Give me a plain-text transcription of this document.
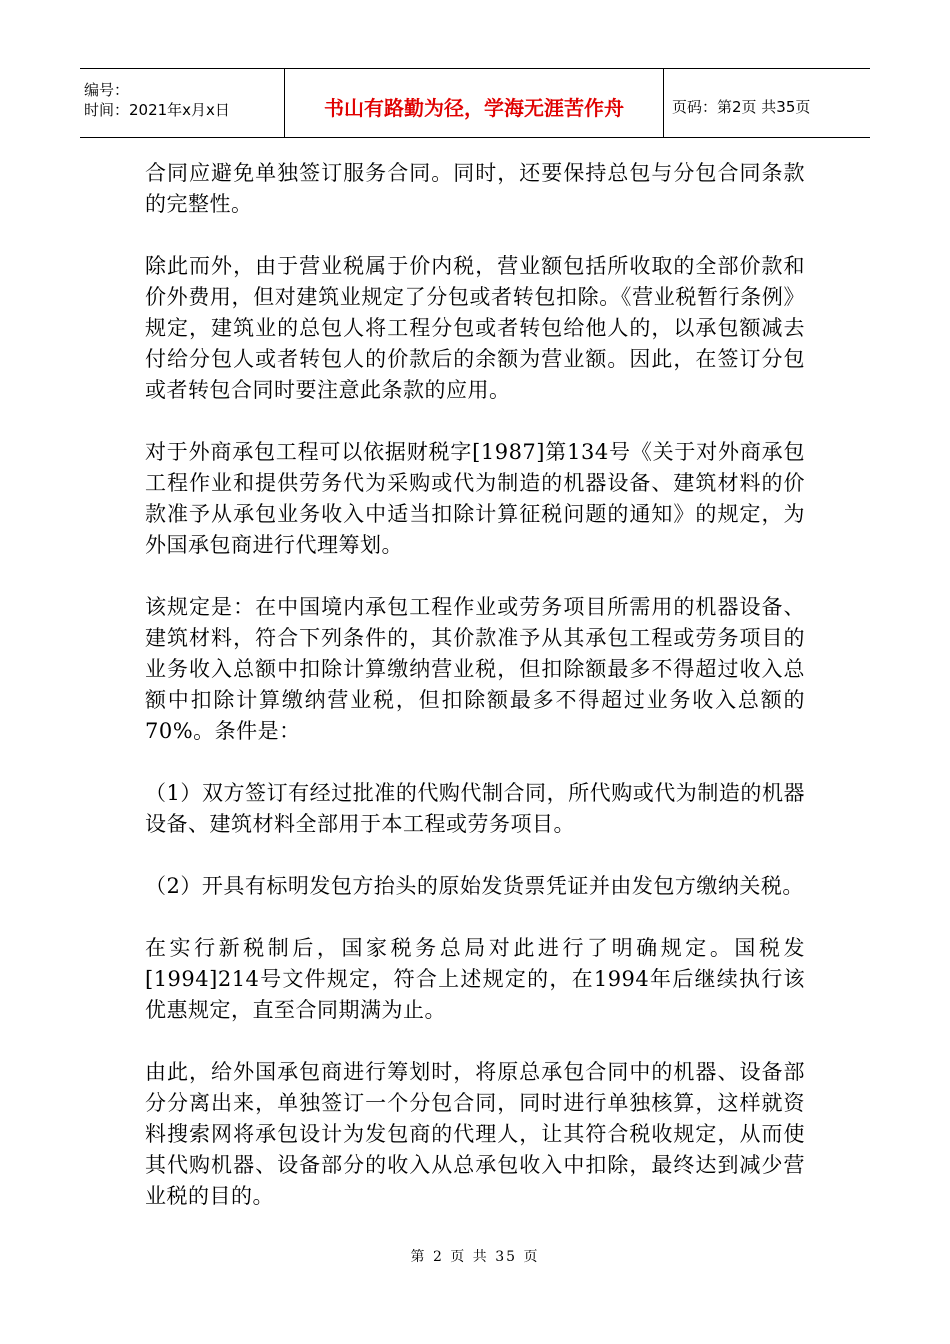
编号：
时间：2021年x月x日	书山有路勤为径，学海无涯苦作舟	页码：第2页 共35页

合同应避免单独签订服务合同。同时，还要保持总包与分包合同条款的完整性。

除此而外，由于营业税属于价内税，营业额包括所收取的全部价款和价外费用，但对建筑业规定了分包或者转包扣除。《营业税暂行条例》规定，建筑业的总包人将工程分包或者转包给他人的，以承包额减去付给分包人或者转包人的价款后的余额为营业额。因此，在签订分包或者转包合同时要注意此条款的应用。

对于外商承包工程可以依据财税字[1987]第134号《关于对外商承包工程作业和提供劳务代为采购或代为制造的机器设备、建筑材料的价款准予从承包业务收入中适当扣除计算征税问题的通知》的规定，为外国承包商进行代理筹划。

该规定是：在中国境内承包工程作业或劳务项目所需用的机器设备、建筑材料，符合下列条件的，其价款准予从其承包工程或劳务项目的业务收入总额中扣除计算缴纳营业税，但扣除额最多不得超过收入总额中扣除计算缴纳营业税，但扣除额最多不得超过业务收入总额的70%。条件是：

（1）双方签订有经过批准的代购代制合同，所代购或代为制造的机器设备、建筑材料全部用于本工程或劳务项目。

（2）开具有标明发包方抬头的原始发货票凭证并由发包方缴纳关税。

在实行新税制后，国家税务总局对此进行了明确规定。国税发[1994]214号文件规定，符合上述规定的，在1994年后继续执行该优惠规定，直至合同期满为止。

由此，给外国承包商进行筹划时，将原总承包合同中的机器、设备部分分离出来，单独签订一个分包合同，同时进行单独核算，这样就资料搜索网将承包设计为发包商的代理人，让其符合税收规定，从而使其代购机器、设备部分的收入从总承包收入中扣除，最终达到减少营业税的目的。

第 2 页 共 35 页
